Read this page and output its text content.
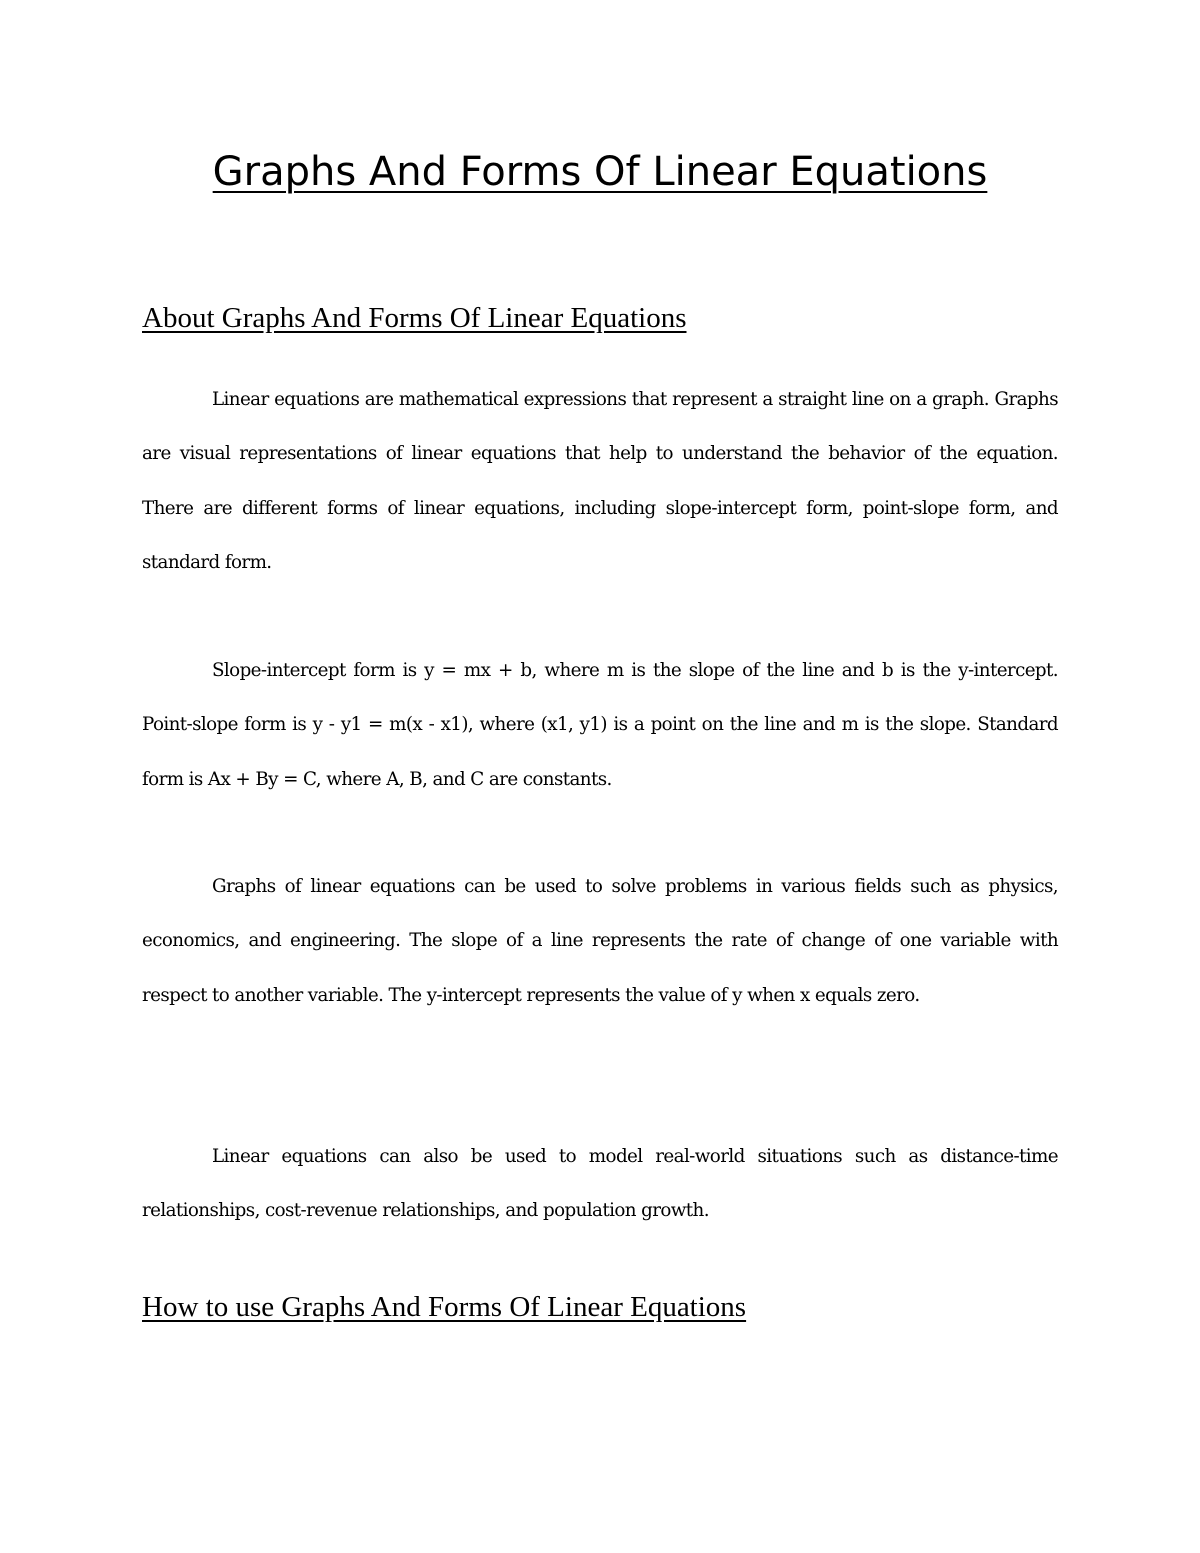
Graphs And Forms Of Linear Equations
About Graphs And Forms Of Linear Equations

Linear equations are mathematical expressions that represent a straight line on a graph. Graphs are visual representations of linear equations that help to understand the behavior of the equation. There are different forms of linear equations, including slope-intercept form, point-slope form, and standard form.

Slope-intercept form is y = mx + b, where m is the slope of the line and b is the y-intercept. Point-slope form is y - y1 = m(x - x1), where (x1, y1) is a point on the line and m is the slope. Standard form is Ax + By = C, where A, B, and C are constants.

Graphs of linear equations can be used to solve problems in various fields such as physics, economics, and engineering. The slope of a line represents the rate of change of one variable with respect to another variable. The y-intercept represents the value of y when x equals zero.

Linear equations can also be used to model real-world situations such as distance-time relationships, cost-revenue relationships, and population growth.

How to use Graphs And Forms Of Linear Equations
